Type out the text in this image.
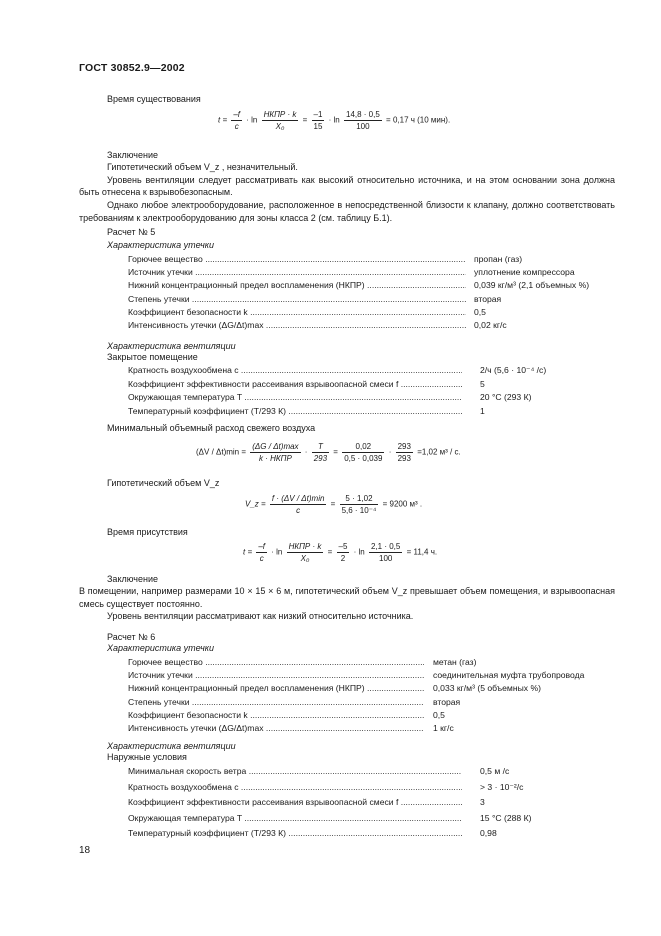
ГОСТ 30852.9—2002
Время существования
$t = \frac{-f}{c} \cdot \ln \frac{\text{НКПР · k}}{\text{X₀}} = \frac{-1}{15} \cdot \ln \frac{14,8 \cdot 0,5}{100} = 0,17$ ч (10 мин).
Заключение

Гипотетический объем V_z , незначительный.

Уровень вентиляции следует рассматривать как высокий относительно источника, и на этом основании зона должна быть отнесена к взрывобезопасным.

Однако любое электрооборудование, расположенное в непосредственной близости к клапану, должно соответствовать требованиям к электрооборудованию для зоны класса 2 (см. таблицу Б.1).

Расчет № 5
Характеристика утечки
Горючее вещество .....	пропан (газ)
Источник утечки .....	уплотнение компрессора
Нижний концентрационный предел воспламенения (НКПР) .....	0,039 кг/м³ (2,1 объемных %)
Степень утечки .....	вторая
Коэффициент безопасности k .....	0,5
Интенсивность утечки (ΔG/Δt)max .....	0,02 кг/с
Характеристика вентиляции
Закрытое помещение
Кратность воздухообмена c .....	2/ч (5,6 · 10⁻⁴ /с)
Коэффициент эффективности рассеивания взрывоопасной смеси f .....	5
Окружающая температура T .....	20 °С (293 К)
Температурный коэффициент (T/293 К) .....	1
Минимальный объемный расход свежего воздуха
$(\Delta V / \Delta t)\min = \frac{(\Delta G / \Delta t)\max}{\text{k · НКПР}} \cdot \frac{T}{293} = \frac{0,02}{0,5 \cdot 0,039} \cdot \frac{293}{293} =1,02$ м³ / с.
Гипотетический объем V_z
V_z = $\frac{f \cdot (\Delta V / \Delta t)\min}{c} = \frac{5 \cdot 1,02}{\text{5,6 · 10⁻⁴}} = 9200$ м³ .
Время присутствия
$t = \frac{-f}{c} \cdot \ln \frac{\text{НКПР · k}}{\text{X₀}} = \frac{-5}{2} \cdot \ln \frac{2,1 \cdot 0,5}{100} = 11,4$ ч.
Заключение

В помещении, например размерами 10 × 15 × 6 м, гипотетический объем V_z превышает объем помещения, и взрывоопасная смесь существует постоянно.

Уровень вентиляции рассматривают как низкий относительно источника.

Расчет № 6
Характеристика утечки
Горючее вещество .....	метан (газ)
Источник утечки .....	соединительная муфта трубопровода
Нижний концентрационный предел воспламенения (НКПР) .....	0,033 кг/м³ (5 объемных %)
Степень утечки .....	вторая
Коэффициент безопасности k .....	0,5
Интенсивность утечки (ΔG/Δt)max .....	1 кг/с
Характеристика вентиляции
Наружные условия
Минимальная скорость ветра .....	0,5 м /с
Кратность воздухообмена c .....	> 3 · 10⁻²/с
Коэффициент эффективности рассеивания взрывоопасной смеси f .....	3
Окружающая температура T .....	15 °С (288 К)
Температурный коэффициент (T/293 К) .....	0,98
18
